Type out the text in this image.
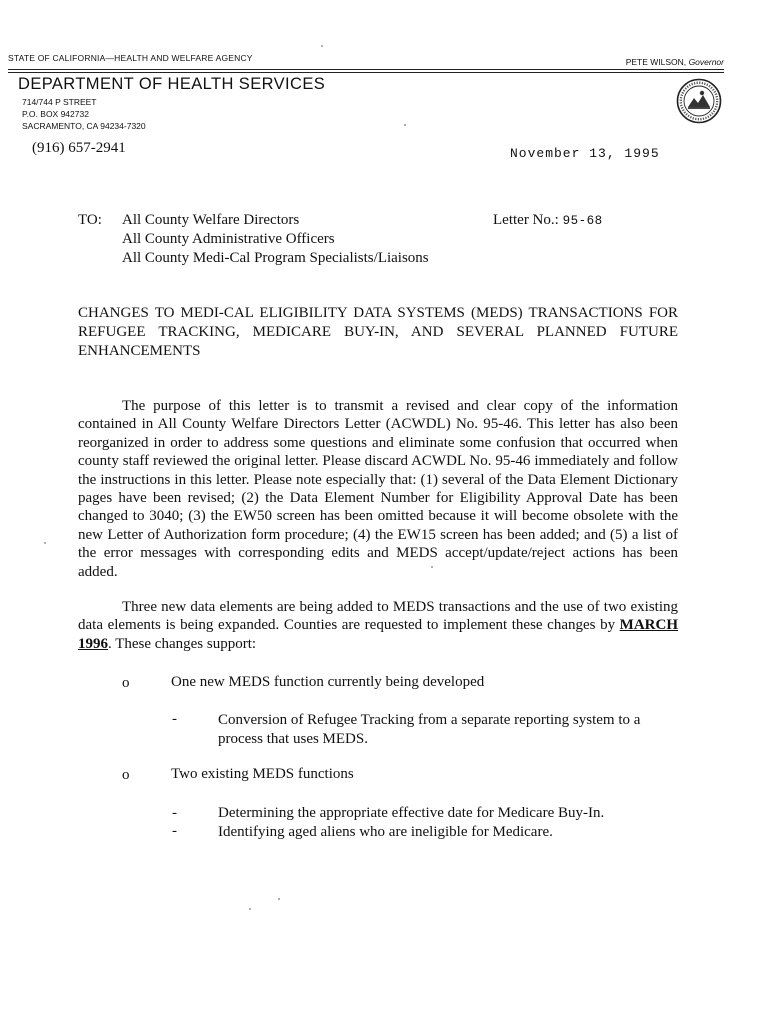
STATE OF CALIFORNIA—HEALTH AND WELFARE AGENCY	PETE WILSON, Governor
DEPARTMENT OF HEALTH SERVICES
714/744 P STREET
P.O. BOX 942732
SACRAMENTO, CA 94234-7320
(916) 657-2941	November 13, 1995
TO: All County Welfare Directors
All County Administrative Officers
All County Medi-Cal Program Specialists/Liaisons
Letter No.: 95-68
CHANGES TO MEDI-CAL ELIGIBILITY DATA SYSTEMS (MEDS) TRANSACTIONS FOR REFUGEE TRACKING, MEDICARE BUY-IN, AND SEVERAL PLANNED FUTURE ENHANCEMENTS
The purpose of this letter is to transmit a revised and clear copy of the information contained in All County Welfare Directors Letter (ACWDL) No. 95-46. This letter has also been reorganized in order to address some questions and eliminate some confusion that occurred when county staff reviewed the original letter. Please discard ACWDL No. 95-46 immediately and follow the instructions in this letter. Please note especially that: (1) several of the Data Element Dictionary pages have been revised; (2) the Data Element Number for Eligibility Approval Date has been changed to 3040; (3) the EW50 screen has been omitted because it will become obsolete with the new Letter of Authorization form procedure; (4) the EW15 screen has been added; and (5) a list of the error messages with corresponding edits and MEDS accept/update/reject actions has been added.
Three new data elements are being added to MEDS transactions and the use of two existing data elements is being expanded. Counties are requested to implement these changes by MARCH 1996. These changes support:
o	One new MEDS function currently being developed
-	Conversion of Refugee Tracking from a separate reporting system to a process that uses MEDS.
o	Two existing MEDS functions
-	Determining the appropriate effective date for Medicare Buy-In.
-	Identifying aged aliens who are ineligible for Medicare.
